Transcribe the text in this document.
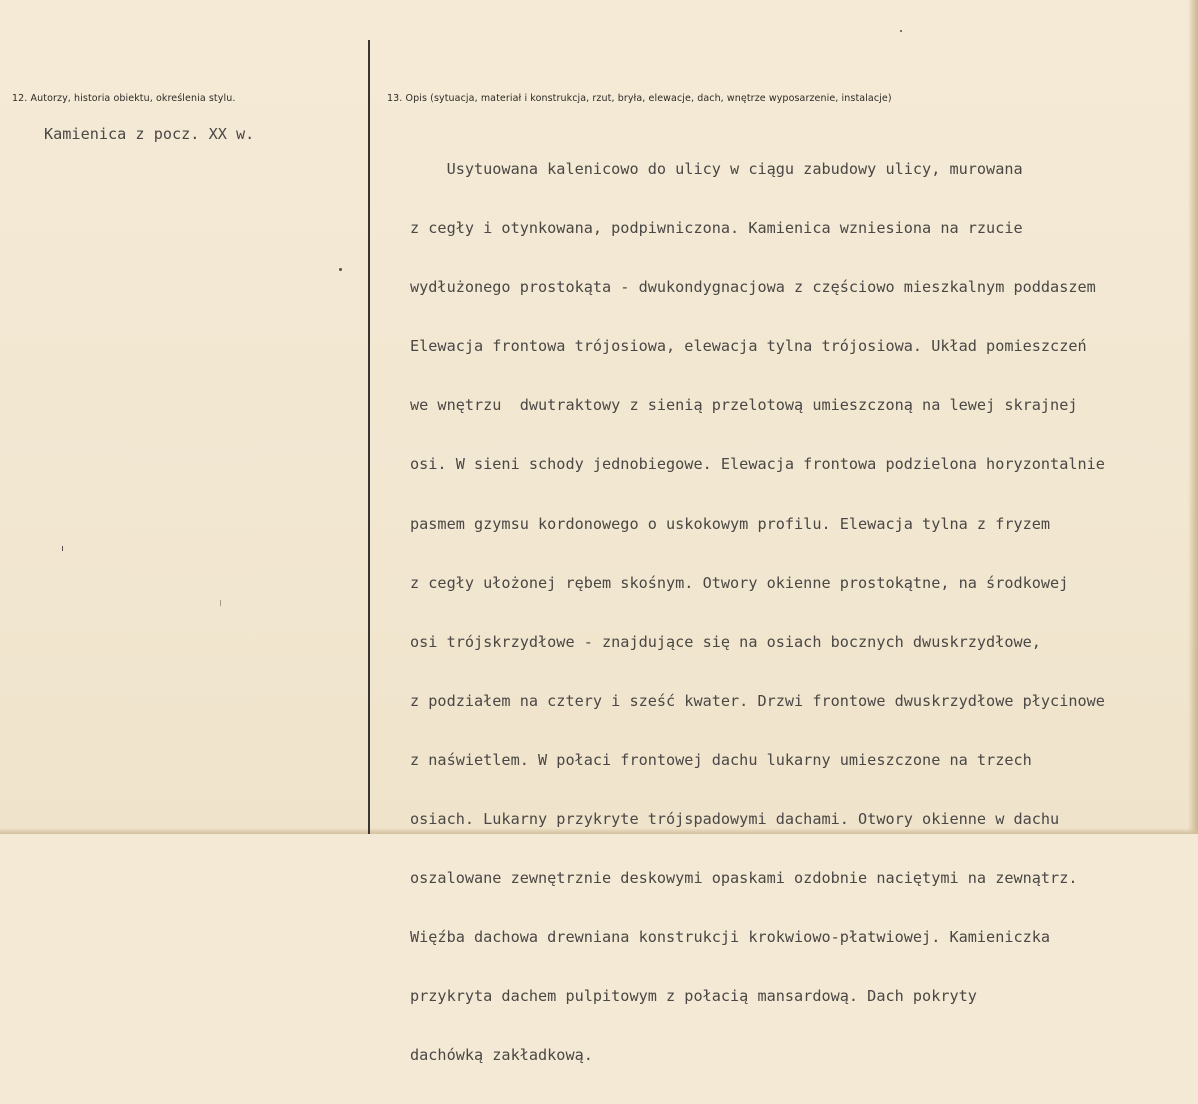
12. Autorzy, historia obiektu, określenia stylu.
Kamienica z pocz. XX w.
13. Opis (sytuacja, materiał i konstrukcja, rzut, bryła, elewacje, dach, wnętrze wyposarzenie, instalacje)

Usytuowana kalenicowo do ulicy w ciągu zabudowy ulicy, murowana

z cegły i otynkowana, podpiwniczona. Kamienica wzniesiona na rzucie

wydłużonego prostokąta - dwukondygnacjowa z częściowo mieszkalnym poddaszem

Elewacja frontowa trójosiowa, elewacja tylna trójosiowa. Układ pomieszczeń

we wnętrzu  dwutraktowy z sienią przelotową umieszczoną na lewej skrajnej

osi. W sieni schody jednobiegowe. Elewacja frontowa podzielona horyzontalnie

pasmem gzymsu kordonowego o uskokowym profilu. Elewacja tylna z fryzem

z cegły ułożonej rębem skośnym. Otwory okienne prostokątne, na środkowej

osi trójskrzydłowe - znajdujące się na osiach bocznych dwuskrzydłowe,

z podziałem na cztery i sześć kwater. Drzwi frontowe dwuskrzydłowe płycinowe

z naświetlem. W połaci frontowej dachu lukarny umieszczone na trzech

osiach. Lukarny przykryte trójspadowymi dachami. Otwory okienne w dachu

oszalowane zewnętrznie deskowymi opaskami ozdobnie naciętymi na zewnątrz.

Więźba dachowa drewniana konstrukcji krokwiowo-płatwiowej. Kamieniczka

przykryta dachem pulpitowym z połacią mansardową. Dach pokryty

dachówką zakładkową.
